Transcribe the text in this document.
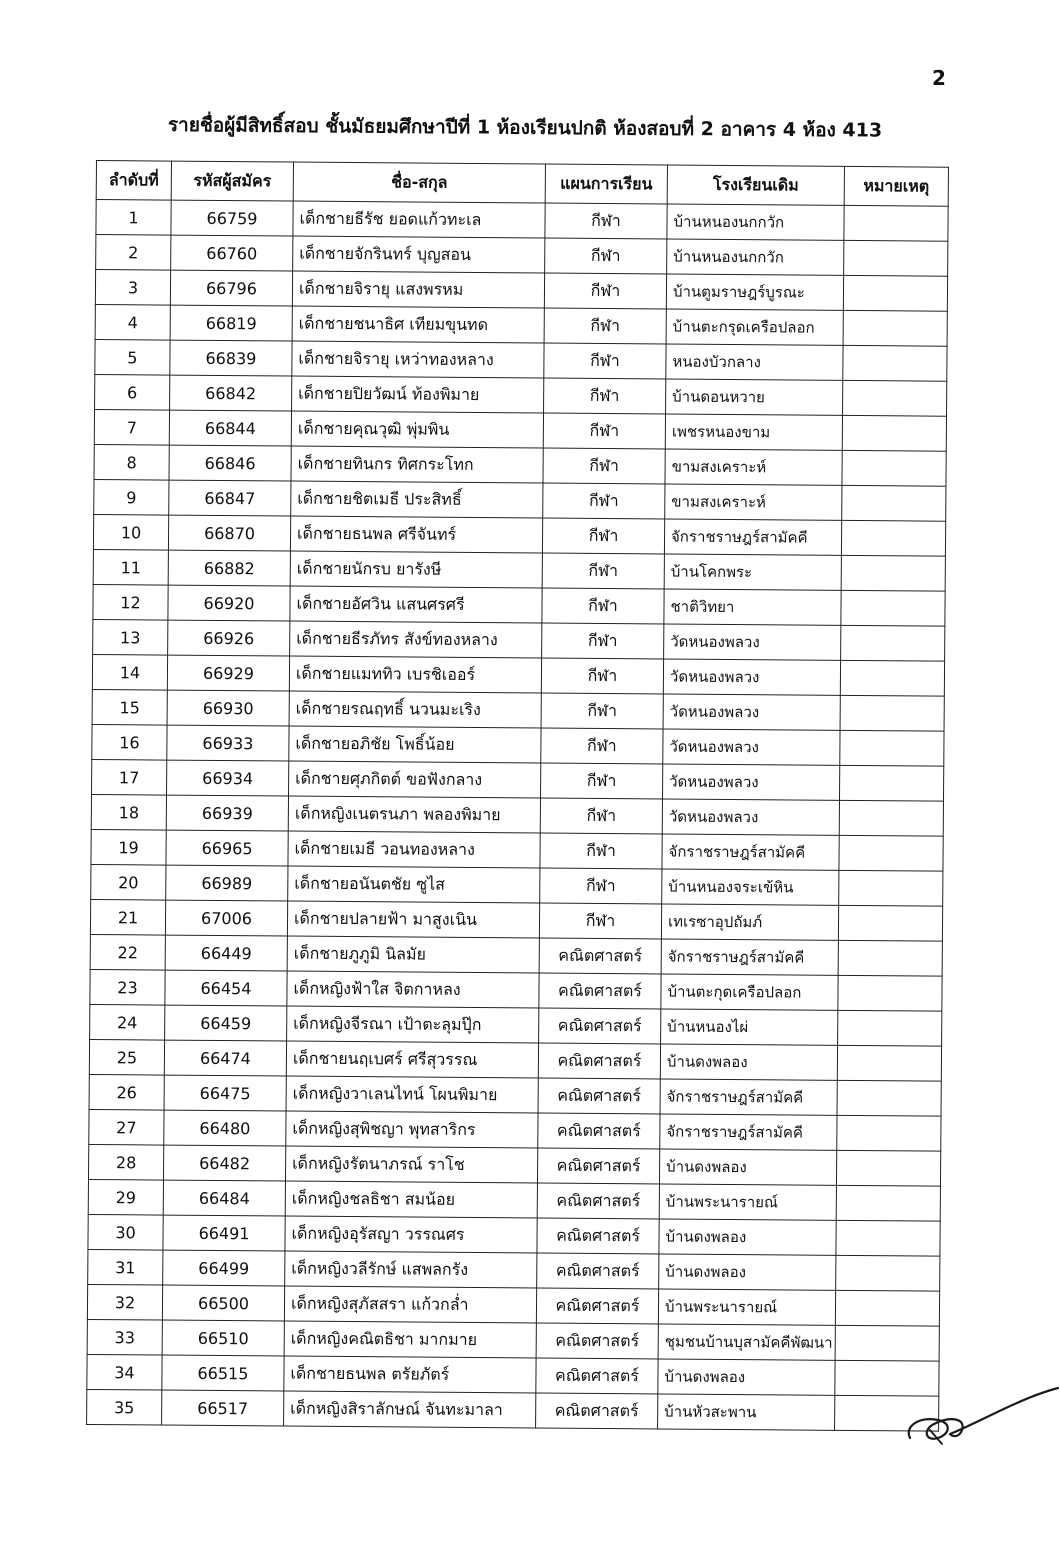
2
รายชื่อผู้มีสิทธิ์สอบ ชั้นมัธยมศึกษาปีที่ 1 ห้องเรียนปกติ ห้องสอบที่ 2 อาคาร 4 ห้อง 413
ลำดับที่	รหัสผู้สมัคร	ชื่อ-สกุล	แผนการเรียน	โรงเรียนเดิม	หมายเหตุ
1	66759	เด็กชายธีรัช ยอดแก้วทะเล	กีฬา	บ้านหนองนกกวัก	
2	66760	เด็กชายจักรินทร์ บุญสอน	กีฬา	บ้านหนองนกกวัก	
3	66796	เด็กชายจิรายุ แสงพรหม	กีฬา	บ้านตูมราษฎร์บูรณะ	
4	66819	เด็กชายชนาธิศ เทียมขุนทด	กีฬา	บ้านตะกรุดเครือปลอก	
5	66839	เด็กชายจิรายุ เหว่าทองหลาง	กีฬา	หนองบัวกลาง	
6	66842	เด็กชายปิยวัฒน์ ท้องพิมาย	กีฬา	บ้านดอนหวาย	
7	66844	เด็กชายคุณวุฒิ พุ่มพิน	กีฬา	เพชรหนองขาม	
8	66846	เด็กชายทินกร ทิศกระโทก	กีฬา	ขามสงเคราะห์	
9	66847	เด็กชายชิตเมธี ประสิทธิ์	กีฬา	ขามสงเคราะห์	
10	66870	เด็กชายธนพล ศรีจันทร์	กีฬา	จักราชราษฎร์สามัคคี	
11	66882	เด็กชายนักรบ ยารังษี	กีฬา	บ้านโคกพระ	
12	66920	เด็กชายอัศวิน แสนศรศรี	กีฬา	ชาติวิทยา	
13	66926	เด็กชายธีรภัทร สังข์ทองหลาง	กีฬา	วัดหนองพลวง	
14	66929	เด็กชายแมททิว เบรชิเออร์	กีฬา	วัดหนองพลวง	
15	66930	เด็กชายรณฤทธิ์ นวนมะเริง	กีฬา	วัดหนองพลวง	
16	66933	เด็กชายอภิชัย โพธิ์น้อย	กีฬา	วัดหนองพลวง	
17	66934	เด็กชายศุภกิตต์ ขอฟังกลาง	กีฬา	วัดหนองพลวง	
18	66939	เด็กหญิงเนตรนภา พลองพิมาย	กีฬา	วัดหนองพลวง	
19	66965	เด็กชายเมธี วอนทองหลาง	กีฬา	จักราชราษฎร์สามัคคี	
20	66989	เด็กชายอนันตชัย ซูไส	กีฬา	บ้านหนองจระเข้หิน	
21	67006	เด็กชายปลายฟ้า มาสูงเนิน	กีฬา	เทเรซาอุปถัมภ์	
22	66449	เด็กชายภูภูมิ นิลมัย	คณิตศาสตร์	จักราชราษฎร์สามัคคี	
23	66454	เด็กหญิงฟ้าใส จิตกาหลง	คณิตศาสตร์	บ้านตะกุดเครือปลอก	
24	66459	เด็กหญิงจีรณา เป้าตะลุมปุ๊ก	คณิตศาสตร์	บ้านหนองไผ่	
25	66474	เด็กชายนฤเบศร์ ศรีสุวรรณ	คณิตศาสตร์	บ้านดงพลอง	
26	66475	เด็กหญิงวาเลนไทน์ โผนพิมาย	คณิตศาสตร์	จักราชราษฎร์สามัคคี	
27	66480	เด็กหญิงสุพิชญา พุทสาริกร	คณิตศาสตร์	จักราชราษฎร์สามัคคี	
28	66482	เด็กหญิงรัตนาภรณ์ ราโช	คณิตศาสตร์	บ้านดงพลอง	
29	66484	เด็กหญิงชลธิชา สมน้อย	คณิตศาสตร์	บ้านพระนารายณ์	
30	66491	เด็กหญิงอุรัสญา วรรณศร	คณิตศาสตร์	บ้านดงพลอง	
31	66499	เด็กหญิงวลีรักษ์ แสพลกรัง	คณิตศาสตร์	บ้านดงพลอง	
32	66500	เด็กหญิงสุภัสสรา แก้วกล่ำ	คณิตศาสตร์	บ้านพระนารายณ์	
33	66510	เด็กหญิงคณิตธิชา มากมาย	คณิตศาสตร์	ชุมชนบ้านบุสามัคคีพัฒนา	
34	66515	เด็กชายธนพล ตรัยภัตร์	คณิตศาสตร์	บ้านดงพลอง	
35	66517	เด็กหญิงสิราลักษณ์ จันทะมาลา	คณิตศาสตร์	บ้านหัวสะพาน	
